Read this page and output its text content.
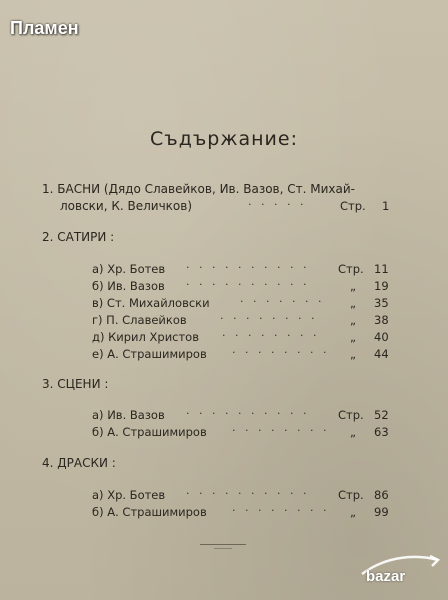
Пламен
Съдържание:
1. БАСНИ (Дядо Славейков, Ив. Вазов, Ст. Михай-
ловски, К. Величков)	· · · · ·	Стр. 1
2. САТИРИ :
а) Хр. Ботев · · · · · · · · · · Стр. 11
б) Ив. Вазов · · · · · · · · · ·	„ 19
в) Ст. Михайловски	· · · · · · · „ 35
г) П. Славейков	· · · · · · · ·	„ 38
д) Кирил Христов · · · · · · · ·	„ 40
е) А. Страшимиров · · · · · · · · „ 44
3. СЦЕНИ :
а) Ив. Вазов · · · · · · · · · · Стр. 52
б) А. Страшимиров · · · · · · · · „ 63
4. ДРАСКИ :
а) Хр. Ботев · · · · · · · · · · Стр. 86
б) А. Страшимиров · · · · · · · · „ 99
bazar
